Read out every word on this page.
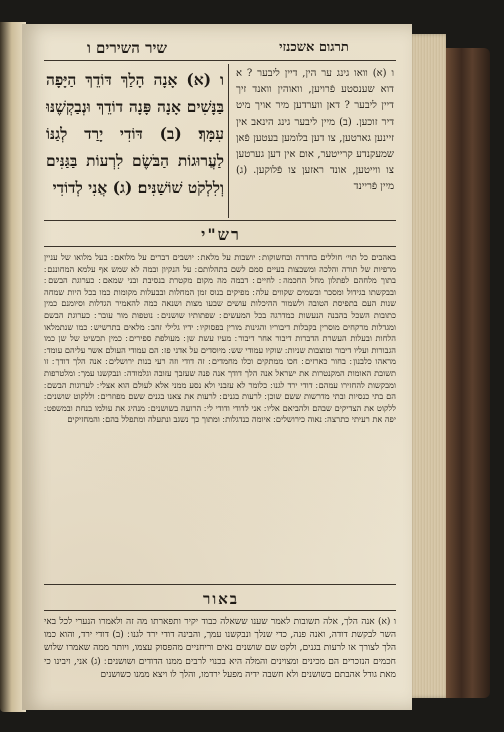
שיר השירים ו	תרגום אשכנזי

ו (א) אָנָה הָלַךְ דּוֹדֵךְ הַיָּפָה בַּנָּשִׁים אָנָה פָּנָה דוֹדֵךְ וּנְבַקְשֶׁנּוּ עִמָּךְ׃ (ב) דּוֹדִי יָרַד לְגַנּוֹ לַעֲרוּגוֹת הַבֹּשֶׂם לִרְעוֹת בַּגַּנִּים וְלִלְקֹט שׁוֹשַׁנִּים׃ (ג) אֲנִי לְדוֹדִי

ו (א) וואו גינג ער הין, דיין ליבער ? א דוא שענסטע פֿרויען, וואוהין וואנד זיך דיין ליבער ? דאן ווערדען מיר אויך מיט דיר זוכען. (ב) מיין ליבער גינג הינאב אין זיינען גארטען, צו דען בלומען בעטען פֿאן שמעקנדע קרייטער, אום אין דען גערטען צו ווייטען, אונד ראזען צו פֿלוקען. (ג) מיין פֿריינד

רש"י

באהבים כל תוי׳ חוללים בחדרה ובחשוקות ׃ יושבות על מלאת ׃ יושבים דברים על מלואם ׃ בעל מלואו של עניין מרפיות של תורה והלכה ומשבצות בעיים סמם לשם בתהלותם ׃ על הנקיון ובמה לא שמש אף עלמא המחוננם ׃ בתוך מלחהם לפתלון מחל החכמה ׃ לחיים ׃ דבמה מה מקום מקטרת בנסיבת ובני שמאם ׃ כערוגת הבשם ׃ ובבקשתו בגידול ומסכר ובשמים שקווים עלה ׃ מפיקים בנוס זמן המחלות ובבעלות מקומות כמו בכל היות שמחה שנות העם בתפיסת הטובה ולשמור ההיכלות עושים שבעו מצות ושנאה כמה להאמיר הגדלות וסיומנם כמין כתובות השכל בהבנה הנעשות כמדרגה בכל המעשים ׃ שפתותיו שושנים ׃ נוטפות מור עובר ׃ כערוגת הבשם ומגדלות מרקחים מוסרין בקבלות דיבוריו והגינות מורין בפסוקיו ׃ ידיו גלילי זהב ׃ מלאים בתרשיש ׃ כמו שנתמלאו הלחות ובעלות העשרת הדברות דיבור אחר דיבור ׃ מעיו עשת שן ׃ מעולפת ספירים ׃ כמין תכשיט של שן כמו הגבורות ועליו דיבור ומוצבות שניות ׃ שוקיו עמודי שש ׃ מיוסדים על אדני פז ׃ הם עמודי העולם אשר עליהם עומד ׃ מראהו כלבנון ׃ בחור כארזים ׃ חכו ממתקים וכלו מחמדים ׃ זה דודי וזה רעי בנות ירושלים ׃ אנה הלך דודך ׃ זו תשובת האומות המקנטרות את ישראל אנה הלך דודך אנה פנה שעזבך עזובה וגלמודה ׃ ונבקשנו עמך ׃ ומלטרפות ומבקשות להחזירו עמהם ׃ דודי ירד לגנו ׃ כלומר לא עזבני ולא נסע ממני אלא לעולם הוא אצלי ׃ לערוגות הבשם ׃ הם בתי כנסיות ובתי מדרשות ששם שוכן ׃ לרעות בגנים ׃ לרעות את צאנו בגנים ששם מפוזרים ׃ וללקוט שושנים ׃ ללקוט את הצדיקים שבהם ולהביאם אליו ׃ אני לדודי ודודי לי ׃ הרועה בשושנים ׃ מנהיג את עולמו בנחת ובמשפט ׃ יפה את רעיתי כתרצה ׃ נאוה כירושלים ׃ איומה כנדגלות ׃ ומתוך כך נשגב ונתעלה ומתפלל בהם ׃ והמחזיקים

באור

ו (א) אנה הלך, אלה תשובות לאמר שענו ששאלה כבוד יקיר ותפארתו מה זה ולאמרו הנערי לכל באי השר לבקשת דודה, ואנה פנה, כדי שנלך ונבקשנו עמך, והבינה דודי ירד לגנו ׃ (ב) דודי ירד, והוא כמו הלך לצורך או לרעות בגנים, ולקט שם שושנים נאים וריחניים מהפסוק עצמו, ויותר ממה שאמרו שלוש חכמים הנזכרים הם מכינים ומצוינים והמלה היא בכנוי לרבים ממנו הדודים ושושנים ׃ (ג) אני, ויבינו כי מאת גודל אהבתם בשושנים ולא חשבה ידיה מפעל ירדמו, והלך לו ויצא ממנו כשושנים
